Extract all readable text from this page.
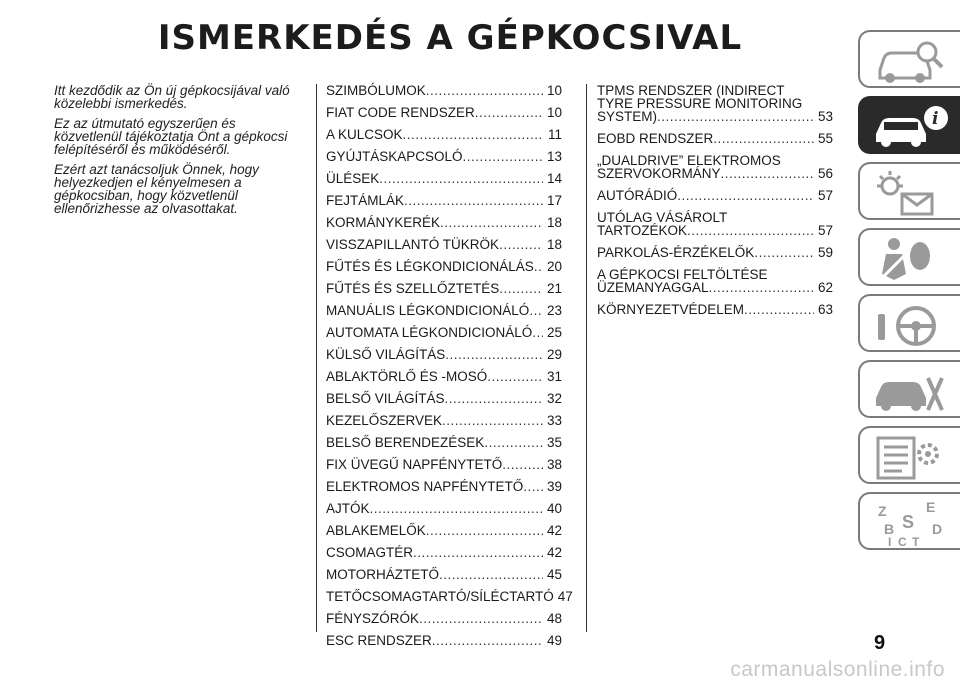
ISMERKEDÉS A GÉPKOCSIVAL

Itt kezdődik az Ön új gépkocsijával való közelebbi ismerkedés.

Ez az útmutató egyszerűen és közvetlenül tájékoztatja Önt a gépkocsi felépítéséről és működéséről.

Ezért azt tanácsoljuk Önnek, hogy helyezkedjen el kényelmesen a gépkocsiban, hogy közvetlenül ellenőrizhesse az olvasottakat.

SZIMBÓLUMOK .....	10
FIAT CODE RENDSZER .....	10
A KULCSOK .....	11
GYÚJTÁSKAPCSOLÓ .....	13
ÜLÉSEK .....	14
FEJTÁMLÁK .....	17
KORMÁNYKERÉK .....	18
VISSZAPILLANTÓ TÜKRÖK .....	18
FŰTÉS ÉS LÉGKONDICIONÁLÁS ..... 20
FŰTÉS ÉS SZELLŐZTETÉS .....	21
MANUÁLIS LÉGKONDICIONÁLÓ ..... 23
AUTOMATA LÉGKONDICIONÁLÓ ..... 25
KÜLSŐ VILÁGÍTÁS .....	29
ABLAKTÖRLŐ ÉS -MOSÓ .....	31
BELSŐ VILÁGÍTÁS .....	32
KEZELŐSZERVEK .....	33
BELSŐ BERENDEZÉSEK .....	35
FIX ÜVEGŰ NAPFÉNYTETŐ .....	38
ELEKTROMOS NAPFÉNYTETŐ ..... 39
AJTÓK .....	40
ABLAKEMELŐK .....	42
CSOMAGTÉR .....	42
MOTORHÁZTETŐ .....	45
TETŐCSOMAGTARTÓ/SÍLÉCTARTÓ 47
FÉNYSZÓRÓK .....	48
ESC RENDSZER .....	49
TPMS RENDSZER (INDIRECT
TYRE PRESSURE MONITORING
SYSTEM) .....	53
EOBD RENDSZER .....	55
„DUALDRIVE” ELEKTROMOS
SZERVOKORMÁNY .....	56
AUTÓRÁDIÓ .....	57
UTÓLAG VÁSÁROLT
TARTOZÉKOK .....	57
PARKOLÁS-ÉRZÉKELŐK .....	59
A GÉPKOCSI FELTÖLTÉSE
ÜZEMANYAGGAL .....	62
KÖRNYEZETVÉDELEM .....	63
i
Z	E
S
B	D
I C T
9
carmanualsonline.info
